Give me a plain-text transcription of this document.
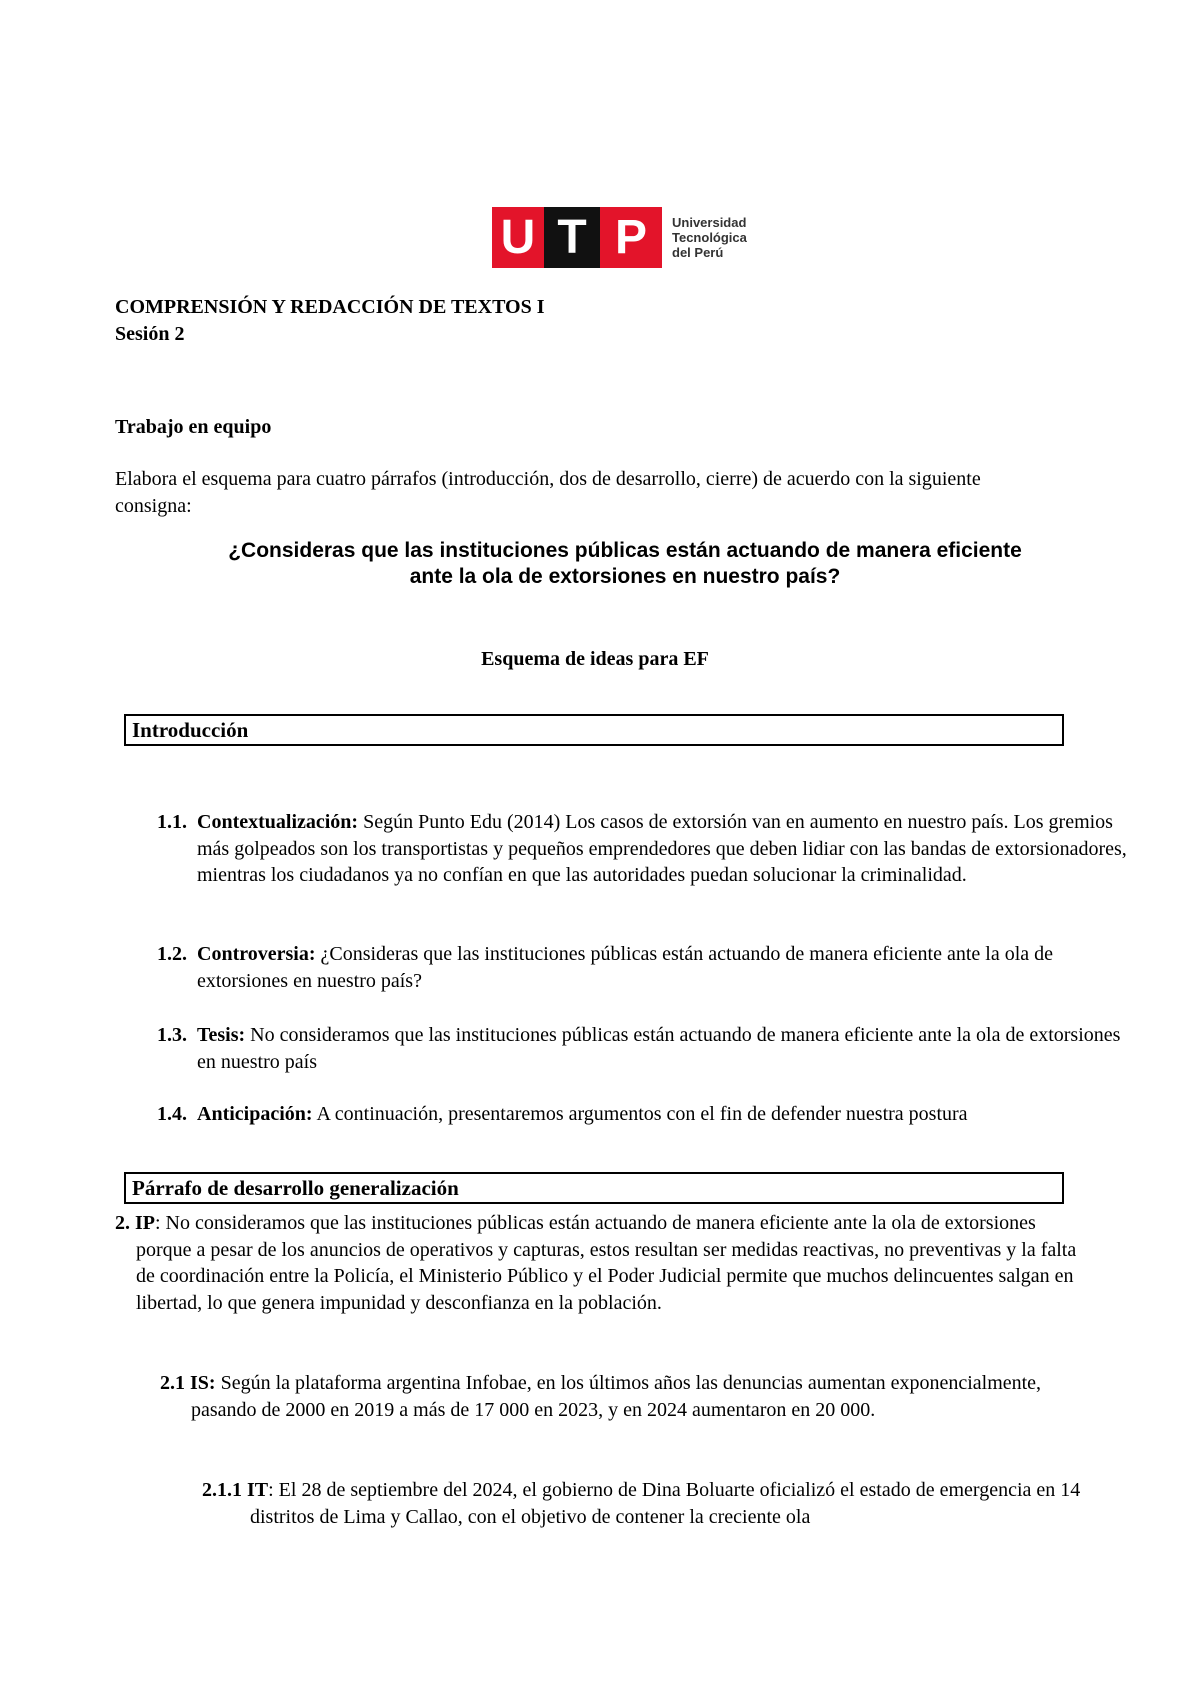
U T P	Universidad
Tecnológica
del Perú
COMPRENSIÓN Y REDACCIÓN DE TEXTOS I
Sesión 2
Trabajo en equipo
Elabora el esquema para cuatro párrafos (introducción, dos de desarrollo, cierre) de acuerdo con la siguiente consigna:
¿Consideras que las instituciones públicas están actuando de manera eficiente
ante la ola de extorsiones en nuestro país?
Esquema de ideas para EF
Introducción
1.1. Contextualización: Según Punto Edu (2014) Los casos de extorsión van en aumento en nuestro país. Los gremios más golpeados son los transportistas y pequeños emprendedores que deben lidiar con las bandas de extorsionadores, mientras los ciudadanos ya no confían en que las autoridades puedan solucionar la criminalidad.
1.2. Controversia: ¿Consideras que las instituciones públicas están actuando de manera eficiente ante la ola de extorsiones en nuestro país?
1.3. Tesis: No consideramos que las instituciones públicas están actuando de manera eficiente ante la ola de extorsiones en nuestro país
1.4. Anticipación: A continuación, presentaremos argumentos con el fin de defender nuestra postura
Párrafo de desarrollo generalización
2. IP: No consideramos que las instituciones públicas están actuando de manera eficiente ante la ola de extorsiones porque a pesar de los anuncios de operativos y capturas, estos resultan ser medidas reactivas, no preventivas y la falta de coordinación entre la Policía, el Ministerio Público y el Poder Judicial permite que muchos delincuentes salgan en libertad, lo que genera impunidad y desconfianza en la población.
2.1 IS: Según la plataforma argentina Infobae, en los últimos años las denuncias aumentan exponencialmente, pasando de 2000 en 2019 a más de 17 000 en 2023, y en 2024 aumentaron en 20 000.
2.1.1 IT: El 28 de septiembre del 2024, el gobierno de Dina Boluarte oficializó el estado de emergencia en 14 distritos de Lima y Callao, con el objetivo de contener la creciente ola
